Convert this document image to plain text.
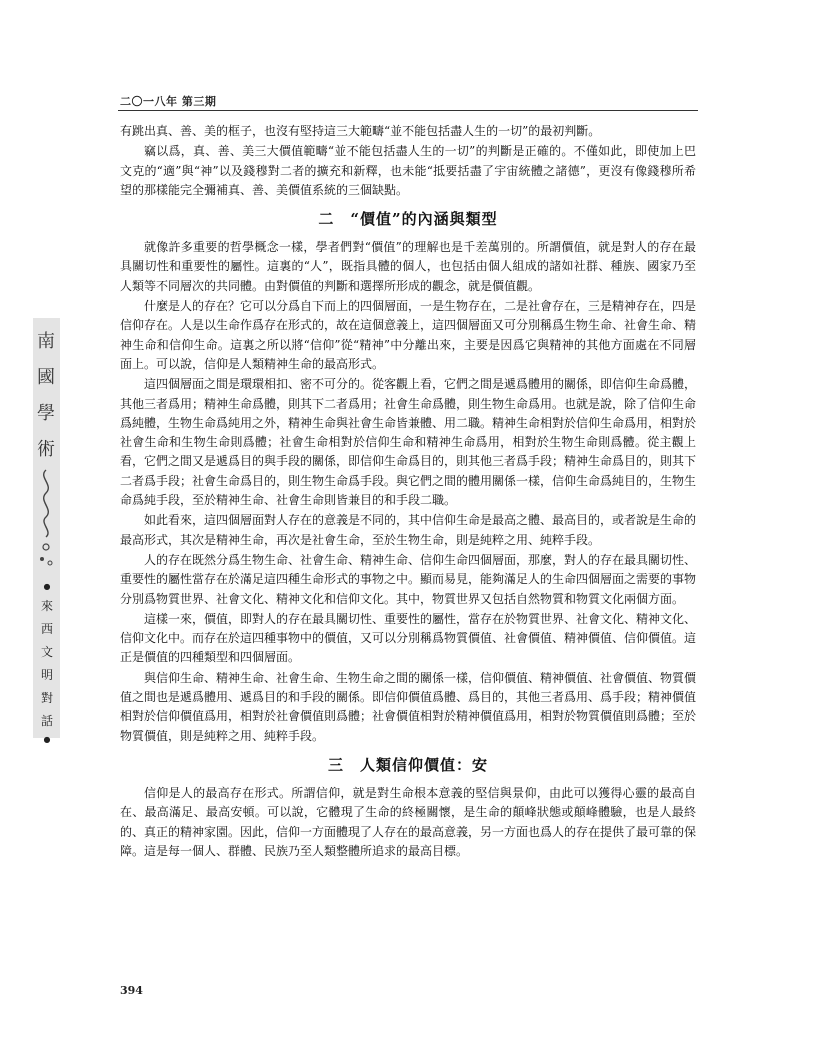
二〇一八年 第三期
南
國
學
術
●
來
西
文
明
對
話
●

有跳出真、善、美的框子，也沒有堅持這三大範疇“並不能包括盡人生的一切”的最初判斷。

竊以爲，真、善、美三大價值範疇“並不能包括盡人生的一切”的判斷是正確的。不僅如此，即使加上巴文克的“適”與“神”以及錢穆對二者的擴充和新釋，也未能“抵要括盡了宇宙統體之諸德”，更沒有像錢穆所希望的那樣能完全彌補真、善、美價值系統的三個缺點。

二　“價值”的內涵與類型

就像許多重要的哲學概念一樣，學者們對“價值”的理解也是千差萬別的。所謂價值，就是對人的存在最具關切性和重要性的屬性。這裏的“人”，既指具體的個人，也包括由個人組成的諸如社群、種族、國家乃至人類等不同層次的共同體。由對價值的判斷和選擇所形成的觀念，就是價值觀。

什麼是人的存在？它可以分爲自下而上的四個層面，一是生物存在，二是社會存在，三是精神存在，四是信仰存在。人是以生命作爲存在形式的，故在這個意義上，這四個層面又可分別稱爲生物生命、社會生命、精神生命和信仰生命。這裏之所以將“信仰”從“精神”中分離出來，主要是因爲它與精神的其他方面處在不同層面上。可以說，信仰是人類精神生命的最高形式。

這四個層面之間是環環相扣、密不可分的。從客觀上看，它們之間是遞爲體用的關係，即信仰生命爲體，其他三者爲用；精神生命爲體，則其下二者爲用；社會生命爲體，則生物生命爲用。也就是說，除了信仰生命爲純體，生物生命爲純用之外，精神生命與社會生命皆兼體、用二職。精神生命相對於信仰生命爲用，相對於社會生命和生物生命則爲體；社會生命相對於信仰生命和精神生命爲用，相對於生物生命則爲體。從主觀上看，它們之間又是遞爲目的與手段的關係，即信仰生命爲目的，則其他三者爲手段；精神生命爲目的，則其下二者爲手段；社會生命爲目的，則生物生命爲手段。與它們之間的體用關係一樣，信仰生命爲純目的，生物生命爲純手段，至於精神生命、社會生命則皆兼目的和手段二職。

如此看來，這四個層面對人存在的意義是不同的，其中信仰生命是最高之體、最高目的，或者說是生命的最高形式，其次是精神生命，再次是社會生命，至於生物生命，則是純粹之用、純粹手段。

人的存在既然分爲生物生命、社會生命、精神生命、信仰生命四個層面，那麼，對人的存在最具關切性、重要性的屬性當存在於滿足這四種生命形式的事物之中。顯而易見，能夠滿足人的生命四個層面之需要的事物分別爲物質世界、社會文化、精神文化和信仰文化。其中，物質世界又包括自然物質和物質文化兩個方面。

這樣一來，價值，即對人的存在最具關切性、重要性的屬性，當存在於物質世界、社會文化、精神文化、信仰文化中。而存在於這四種事物中的價值，又可以分別稱爲物質價值、社會價值、精神價值、信仰價值。這正是價值的四種類型和四個層面。

與信仰生命、精神生命、社會生命、生物生命之間的關係一樣，信仰價值、精神價值、社會價值、物質價值之間也是遞爲體用、遞爲目的和手段的關係。即信仰價值爲體、爲目的，其他三者爲用、爲手段；精神價值相對於信仰價值爲用，相對於社會價值則爲體；社會價值相對於精神價值爲用，相對於物質價值則爲體；至於物質價值，則是純粹之用、純粹手段。

三　人類信仰價值：安

信仰是人的最高存在形式。所謂信仰，就是對生命根本意義的堅信與景仰，由此可以獲得心靈的最高自在、最高滿足、最高安頓。可以說，它體現了生命的終極關懷，是生命的顛峰狀態或顛峰體驗，也是人最終的、真正的精神家園。因此，信仰一方面體現了人存在的最高意義，另一方面也爲人的存在提供了最可靠的保障。這是每一個人、群體、民族乃至人類整體所追求的最高目標。

394
